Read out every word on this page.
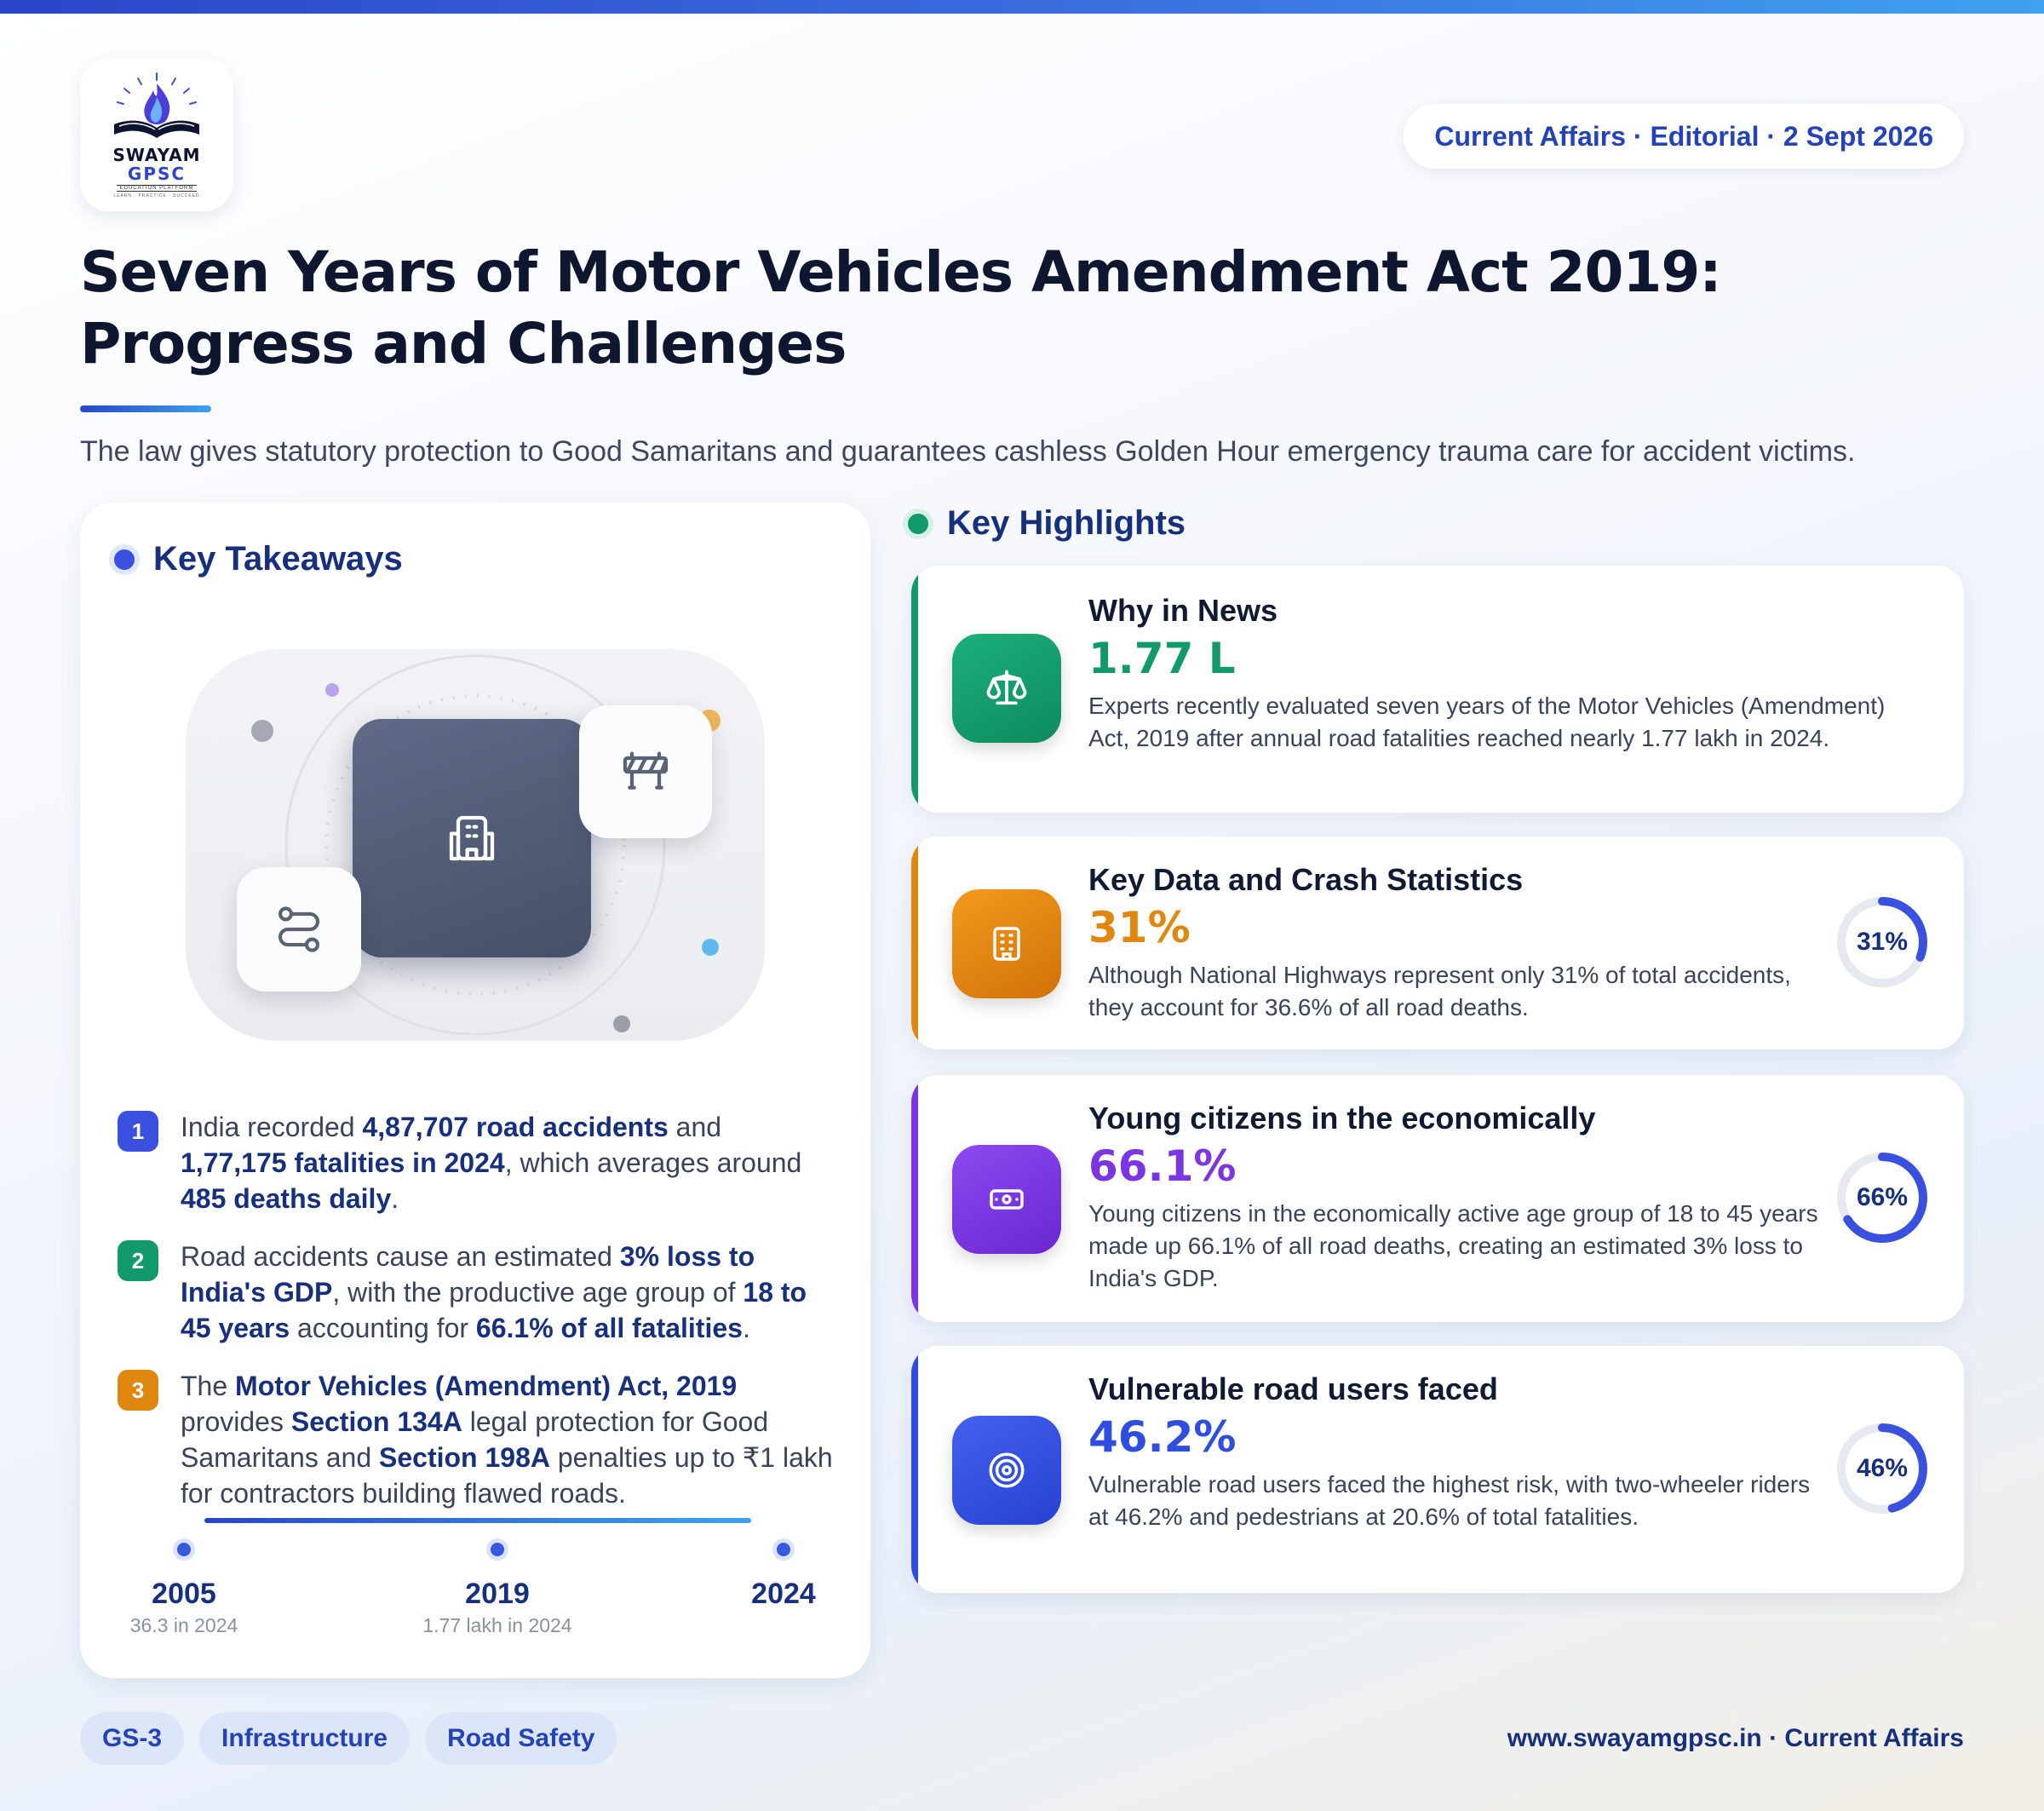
SWAYAM
GPSC
EDUCATION PLATFORM
LEARN · PRACTICE · SUCCEED
Current Affairs · Editorial · 2 Sept 2026
Seven Years of Motor Vehicles Amendment Act 2019: Progress and Challenges

The law gives statutory protection to Good Samaritans and guarantees cashless Golden Hour emergency trauma care for accident victims.

Key Takeaways
1	India recorded 4,87,707 road accidents and 1,77,175 fatalities in 2024, which averages around 485 deaths daily.

2	Road accidents cause an estimated 3% loss to India's GDP, with the productive age group of 18 to 45 years accounting for 66.1% of all fatalities.

3	The Motor Vehicles (Amendment) Act, 2019 provides Section 134A legal protection for Good Samaritans and Section 198A penalties up to ₹1 lakh for contractors building flawed roads.

2005
36.3 in 2024
2019
1.77 lakh in 2024
2024
Key Highlights
Why in News
1.77 L
Experts recently evaluated seven years of the Motor Vehicles (Amendment) Act, 2019 after annual road fatalities reached nearly 1.77 lakh in 2024.
Key Data and Crash Statistics
31%
Although National Highways represent only 31% of total accidents, they account for 36.6% of all road deaths.
31%
Young citizens in the economically
66.1%
Young citizens in the economically active age group of 18 to 45 years made up 66.1% of all road deaths, creating an estimated 3% loss to India's GDP.
66%
Vulnerable road users faced
46.2%
Vulnerable road users faced the highest risk, with two-wheeler riders at 46.2% and pedestrians at 20.6% of total fatalities.
46%
GS-3	Infrastructure	Road Safety	www.swayamgpsc.in · Current Affairs
